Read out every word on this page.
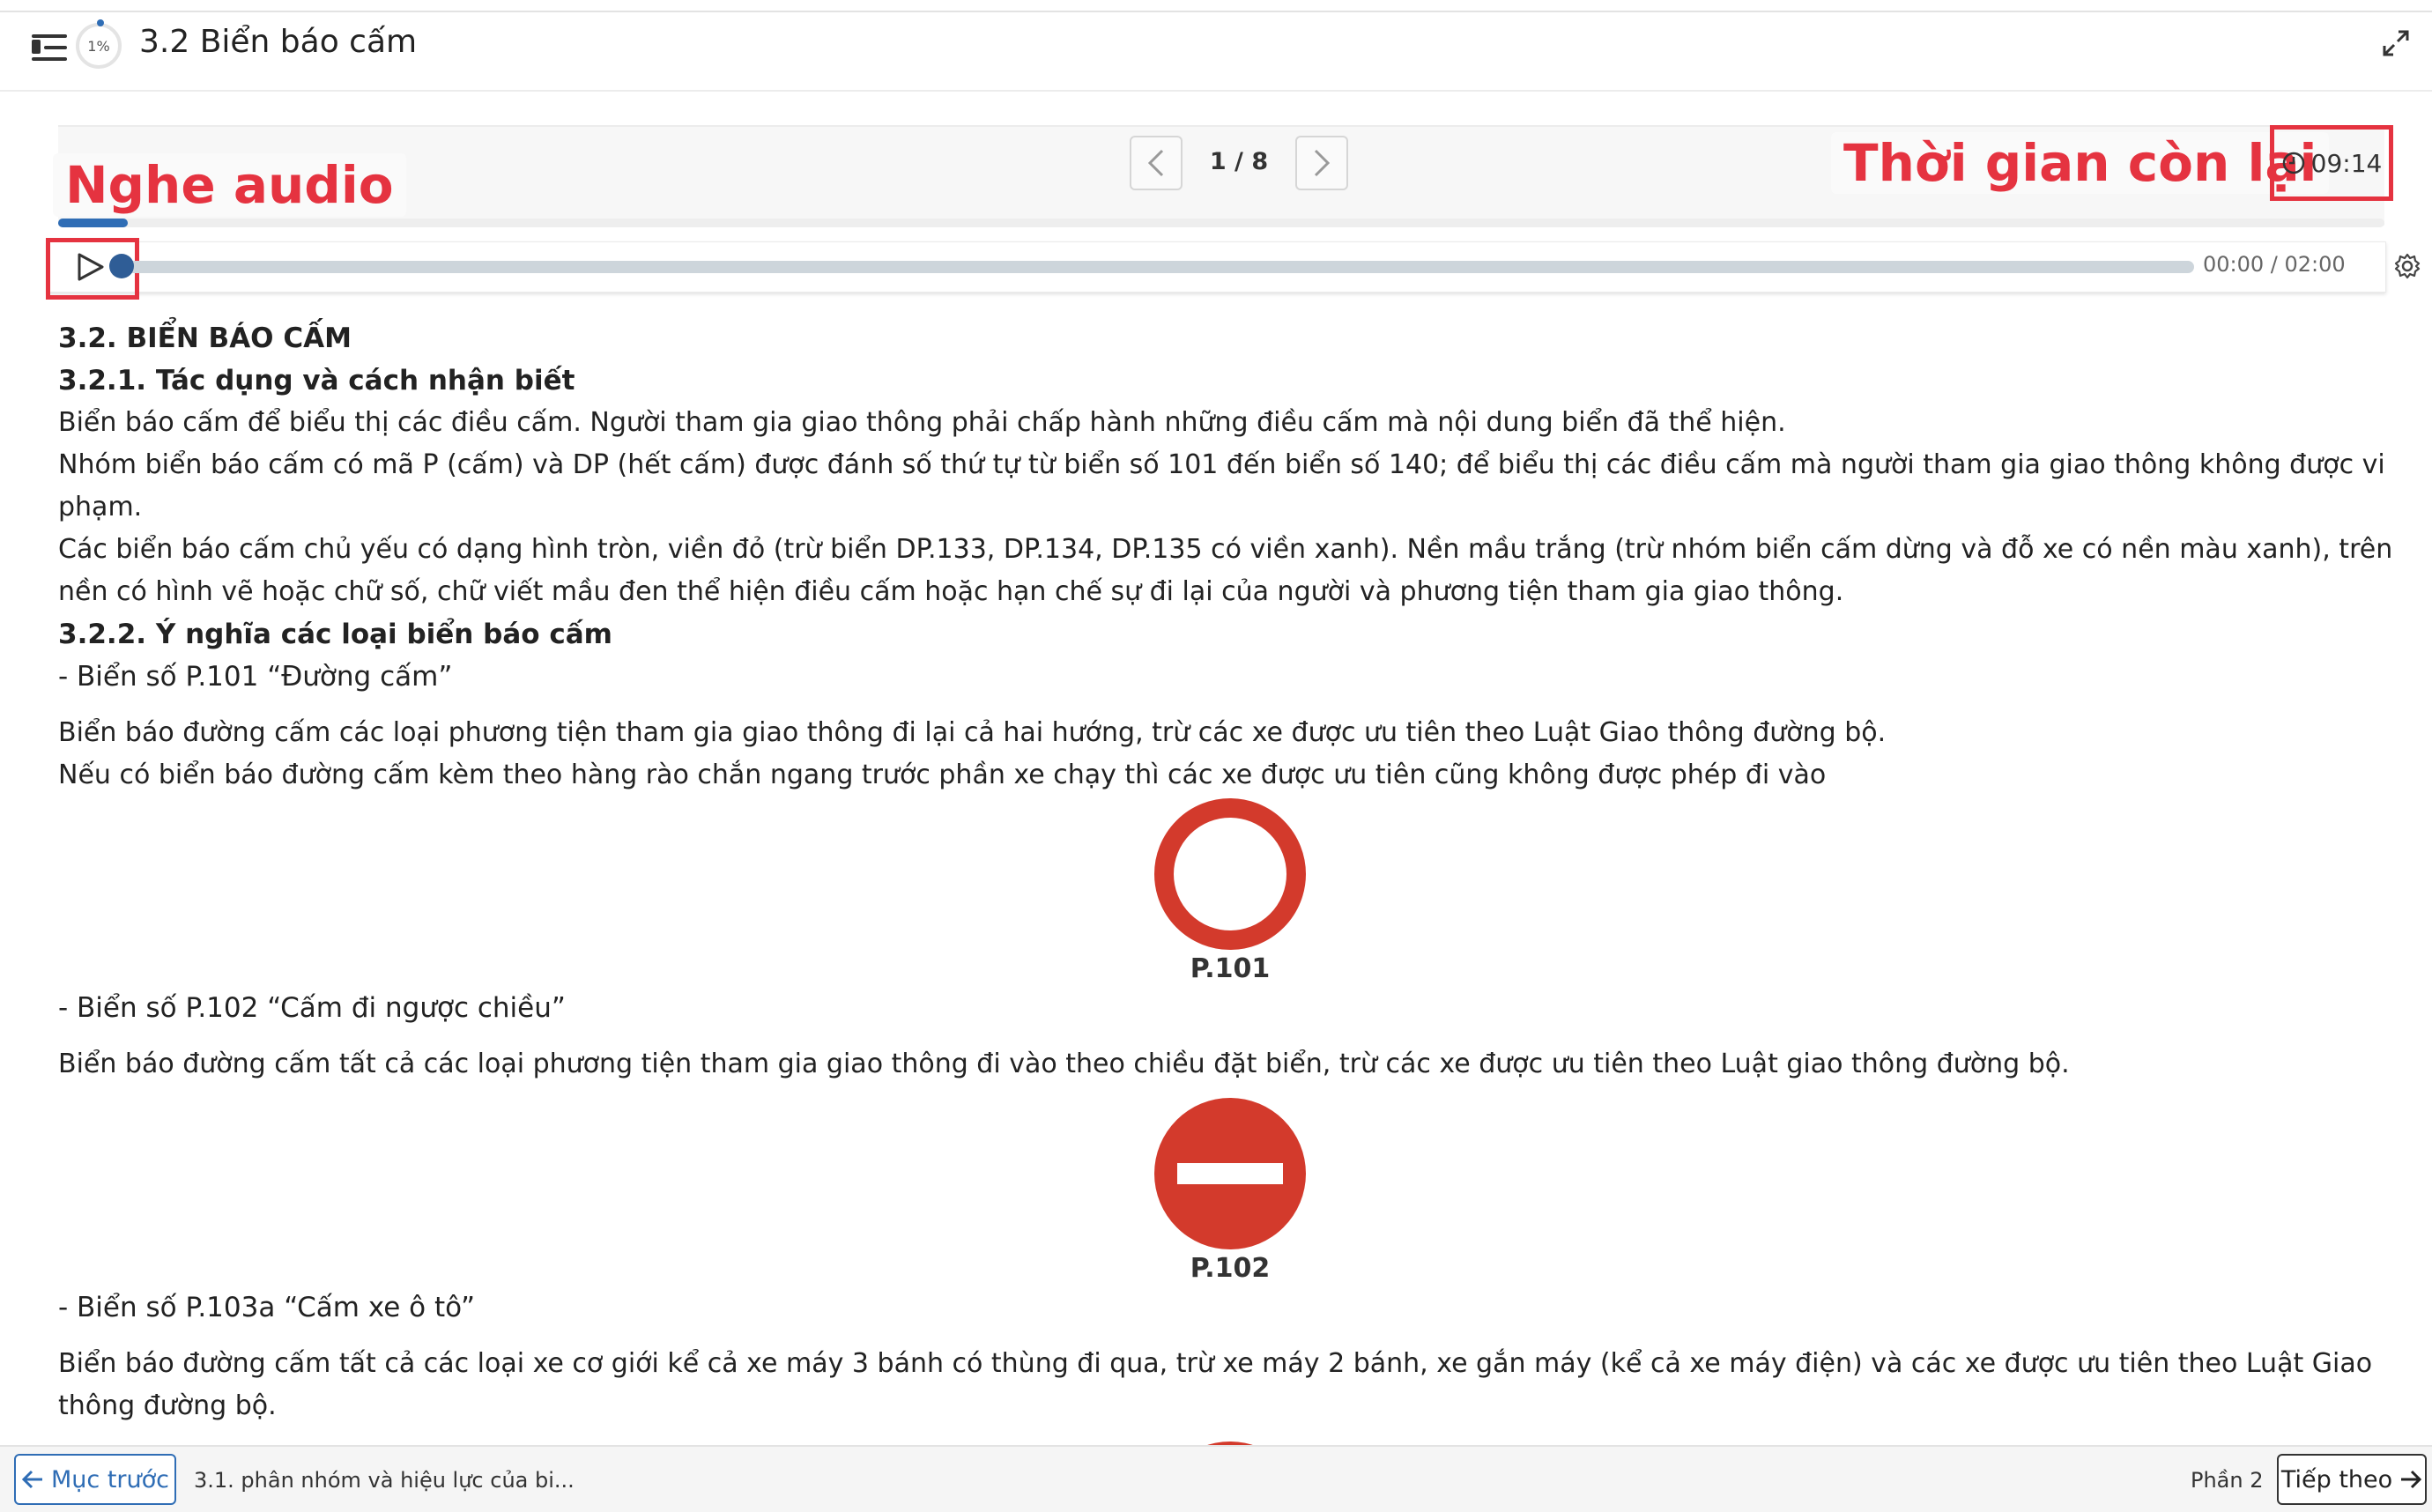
1% 3.2 Biển báo cấm
1 / 8	Thời gian còn lại
09:14
Nghe audio
00:00 / 02:00
3.2. BIỂN BÁO CẤM
3.2.1. Tác dụng và cách nhận biết

Biển báo cấm để biểu thị các điều cấm. Người tham gia giao thông phải chấp hành những điều cấm mà nội dung biển đã thể hiện.

Nhóm biển báo cấm có mã P (cấm) và DP (hết cấm) được đánh số thứ tự từ biển số 101 đến biển số 140; để biểu thị các điều cấm mà người tham gia giao thông không được vi phạm.

Các biển báo cấm chủ yếu có dạng hình tròn, viền đỏ (trừ biển DP.133, DP.134, DP.135 có viền xanh). Nền mầu trắng (trừ nhóm biển cấm dừng và đỗ xe có nền màu xanh), trên nền có hình vẽ hoặc chữ số, chữ viết mầu đen thể hiện điều cấm hoặc hạn chế sự đi lại của người và phương tiện tham gia giao thông.

3.2.2. Ý nghĩa các loại biển báo cấm
- Biển số P.101 “Đường cấm”

Biển báo đường cấm các loại phương tiện tham gia giao thông đi lại cả hai hướng, trừ các xe được ưu tiên theo Luật Giao thông đường bộ.

Nếu có biển báo đường cấm kèm theo hàng rào chắn ngang trước phần xe chạy thì các xe được ưu tiên cũng không được phép đi vào

P.101
- Biển số P.102 “Cấm đi ngược chiều”

Biển báo đường cấm tất cả các loại phương tiện tham gia giao thông đi vào theo chiều đặt biển, trừ các xe được ưu tiên theo Luật giao thông đường bộ.

P.102
- Biển số P.103a “Cấm xe ô tô”

Biển báo đường cấm tất cả các loại xe cơ giới kể cả xe máy 3 bánh có thùng đi qua, trừ xe máy 2 bánh, xe gắn máy (kể cả xe máy điện) và các xe được ưu tiên theo Luật Giao thông đường bộ.

Mục trước 3.1. phân nhóm và hiệu lực của bi...	Phần 2 Tiếp theo
